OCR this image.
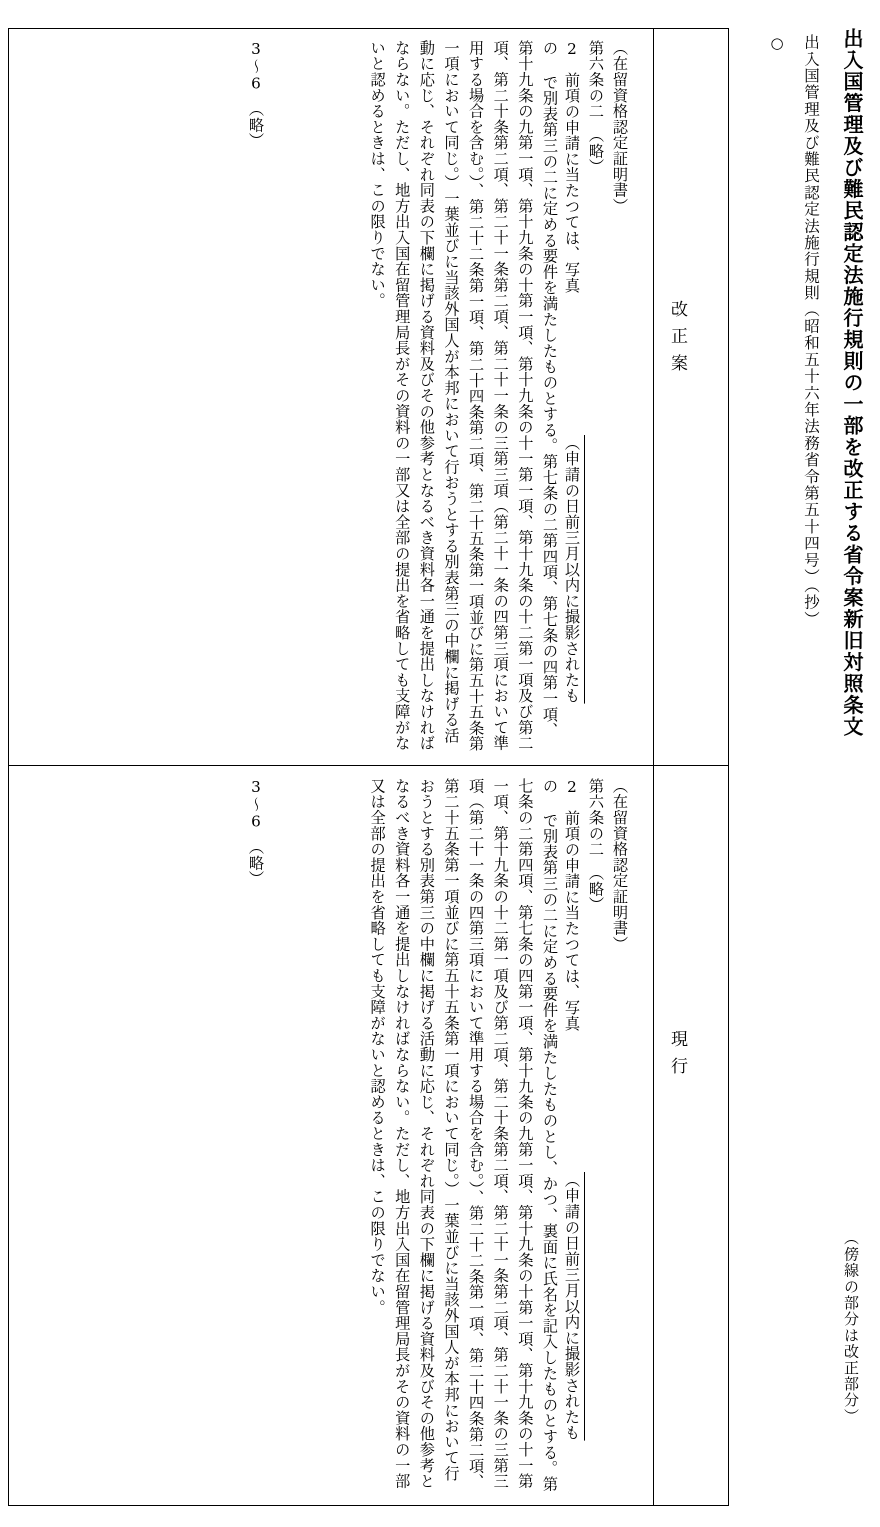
出入国管理及び難民認定法施行規則の一部を改正する省令案新旧対照条文
○ 出入国管理及び難民認定法施行規則（昭和五十六年法務省令第五十四号）（抄）
（傍線の部分は改正部分）
改正案
現行
（在留資格認定証明書）
第六条の二　（略）
2
前項の申請に当たつては、写真
（申請の日前三月以内に撮影されたも
の で別表第三の二に定める要件を満たしたものとする。第七条の二第四項、第七条の四第一項、第十九条の九第一項、第十九条の十第一項、第十九条の十一第一項、第十九条の十二第一項及び第二項、第二十条第二項、第二十一条第二項、第二十一条の三第三項（第二十一条の四第三項において準用する場合を含む。）、第二十二条第一項、第二十四条第二項、第二十五条第一項並びに第五十五条第一項において同じ。）一葉並びに当該外国人が本邦において行おうとする別表第三の中欄に掲げる活動に応じ、それぞれ同表の下欄に掲げる資料及びその他参考となるべき資料各一通を提出しなければならない。ただし、地方出入国在留管理局長がその資料の一部又は全部の提出を省略しても支障がないと認めるときは、この限りでない。
3〜6　（略）
（在留資格認定証明書）
第六条の二　（略）
2
前項の申請に当たつては、写真
（申請の日前三月以内に撮影されたも
の で別表第三の二に定める要件を満たしたものとし、かつ、裏面に氏名を記入したものとする。第七条の二第四項、第七条の四第一項、第十九条の九第一項、第十九条の十第一項、第十九条の十一第一項、第十九条の十二第一項及び第二項、第二十条第二項、第二十一条第二項、第二十一条の三第三項（第二十一条の四第三項において準用する場合を含む。）、第二十二条第一項、第二十四条第二項、第二十五条第一項並びに第五十五条第一項において同じ。）一葉並びに当該外国人が本邦において行おうとする別表第三の中欄に掲げる活動に応じ、それぞれ同表の下欄に掲げる資料及びその他参考となるべき資料各一通を提出しなければならない。ただし、地方出入国在留管理局長がその資料の一部又は全部の提出を省略しても支障がないと認めるときは、この限りでない。
3〜6　（略）
